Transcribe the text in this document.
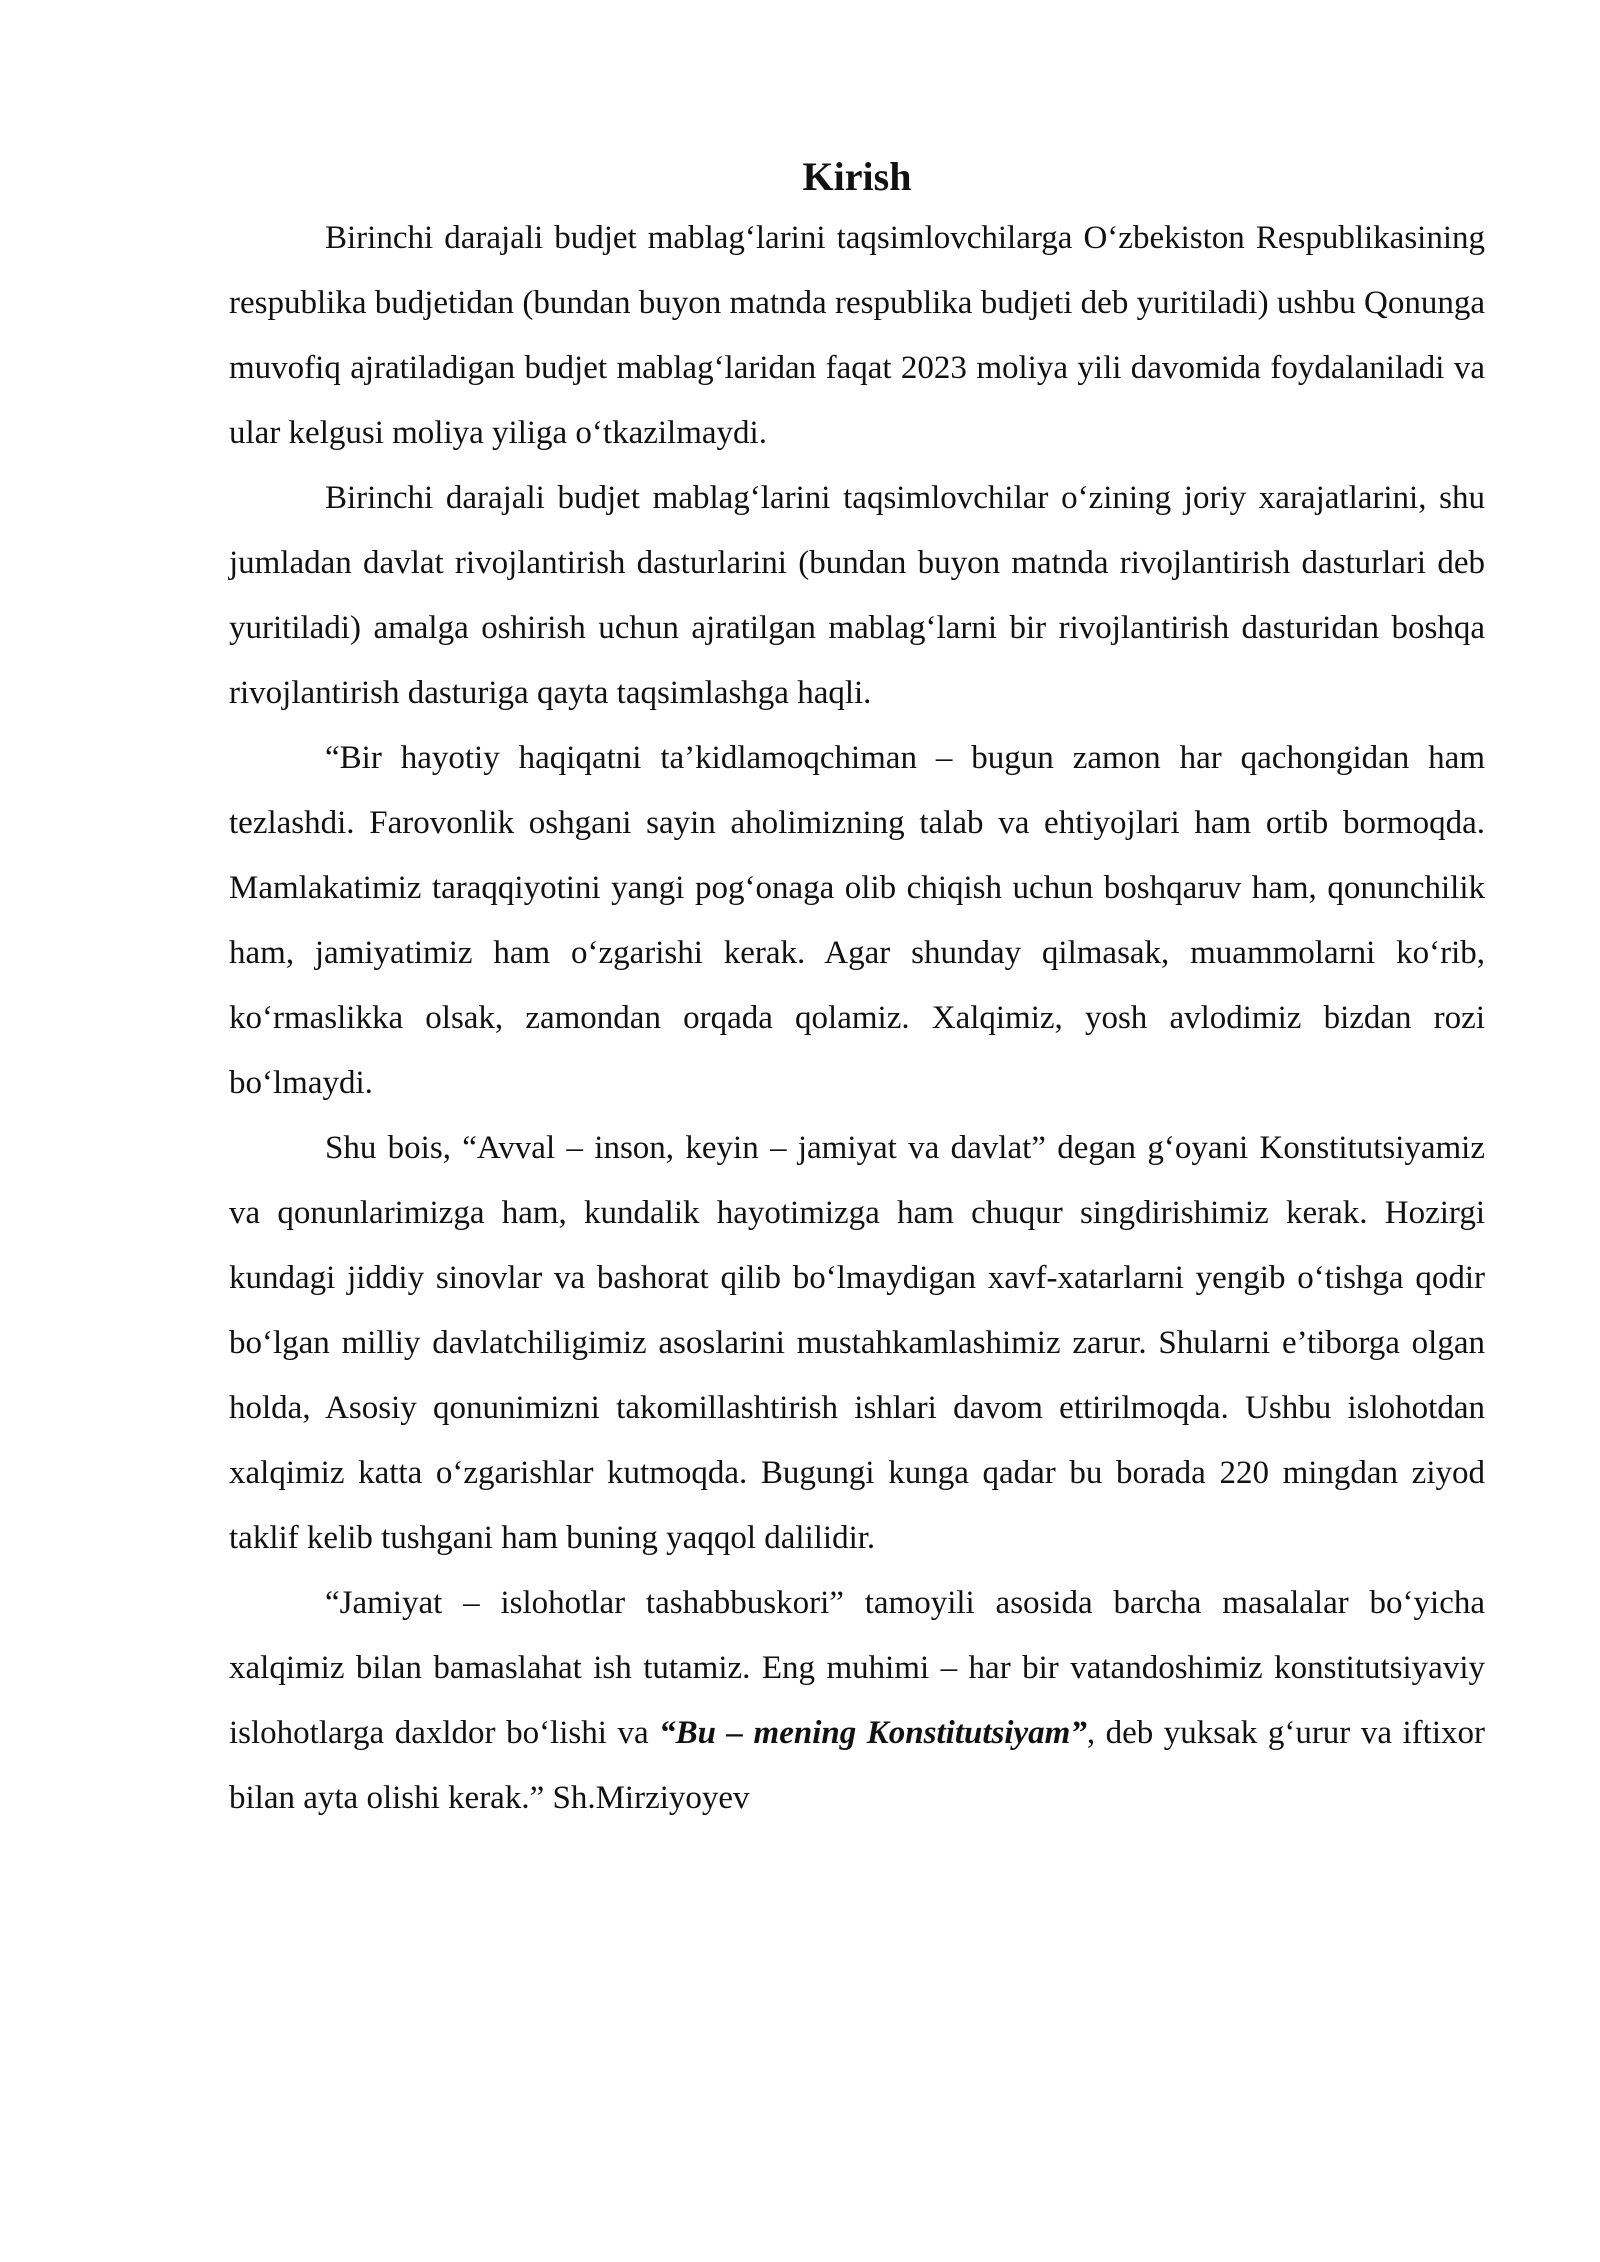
Kirish

Birinchi darajali budjet mablag‘larini taqsimlovchilarga O‘zbekiston Respublikasining respublika budjetidan (bundan buyon matnda respublika budjeti deb yuritiladi) ushbu Qonunga muvofiq ajratiladigan budjet mablag‘laridan faqat 2023 moliya yili davomida foydalaniladi va ular kelgusi moliya yiliga o‘tkazilmaydi.

Birinchi darajali budjet mablag‘larini taqsimlovchilar o‘zining joriy xarajatlarini, shu jumladan davlat rivojlantirish dasturlarini (bundan buyon matnda rivojlantirish dasturlari deb yuritiladi) amalga oshirish uchun ajratilgan mablag‘larni bir rivojlantirish dasturidan boshqa rivojlantirish dasturiga qayta taqsimlashga haqli.

“Bir hayotiy haqiqatni ta’kidlamoqchiman – bugun zamon har qachongidan ham tezlashdi. Farovonlik oshgani sayin aholimizning talab va ehtiyojlari ham ortib bormoqda. Mamlakatimiz taraqqiyotini yangi pog‘onaga olib chiqish uchun boshqaruv ham, qonunchilik ham, jamiyatimiz ham o‘zgarishi kerak. Agar shunday qilmasak, muammolarni ko‘rib, ko‘rmaslikka olsak, zamondan orqada qolamiz. Xalqimiz, yosh avlodimiz bizdan rozi bo‘lmaydi.

Shu bois, “Avval – inson, keyin – jamiyat va davlat” degan g‘oyani Konstitutsiyamiz va qonunlarimizga ham, kundalik hayotimizga ham chuqur singdirishimiz kerak. Hozirgi kundagi jiddiy sinovlar va bashorat qilib bo‘lmaydigan xavf-xatarlarni yengib o‘tishga qodir bo‘lgan milliy davlatchiligimiz asoslarini mustahkamlashimiz zarur. Shularni e’tiborga olgan holda, Asosiy qonunimizni takomillashtirish ishlari davom ettirilmoqda. Ushbu islohotdan xalqimiz katta o‘zgarishlar kutmoqda. Bugungi kunga qadar bu borada 220 mingdan ziyod taklif kelib tushgani ham buning yaqqol dalilidir.

“Jamiyat – islohotlar tashabbuskori” tamoyili asosida barcha masalalar bo‘yicha xalqimiz bilan bamaslahat ish tutamiz. Eng muhimi – har bir vatandoshimiz konstitutsiyaviy islohotlarga daxldor bo‘lishi va “Bu – mening Konstitutsiyam”, deb yuksak g‘urur va iftixor bilan ayta olishi kerak.” Sh.Mirziyoyev
